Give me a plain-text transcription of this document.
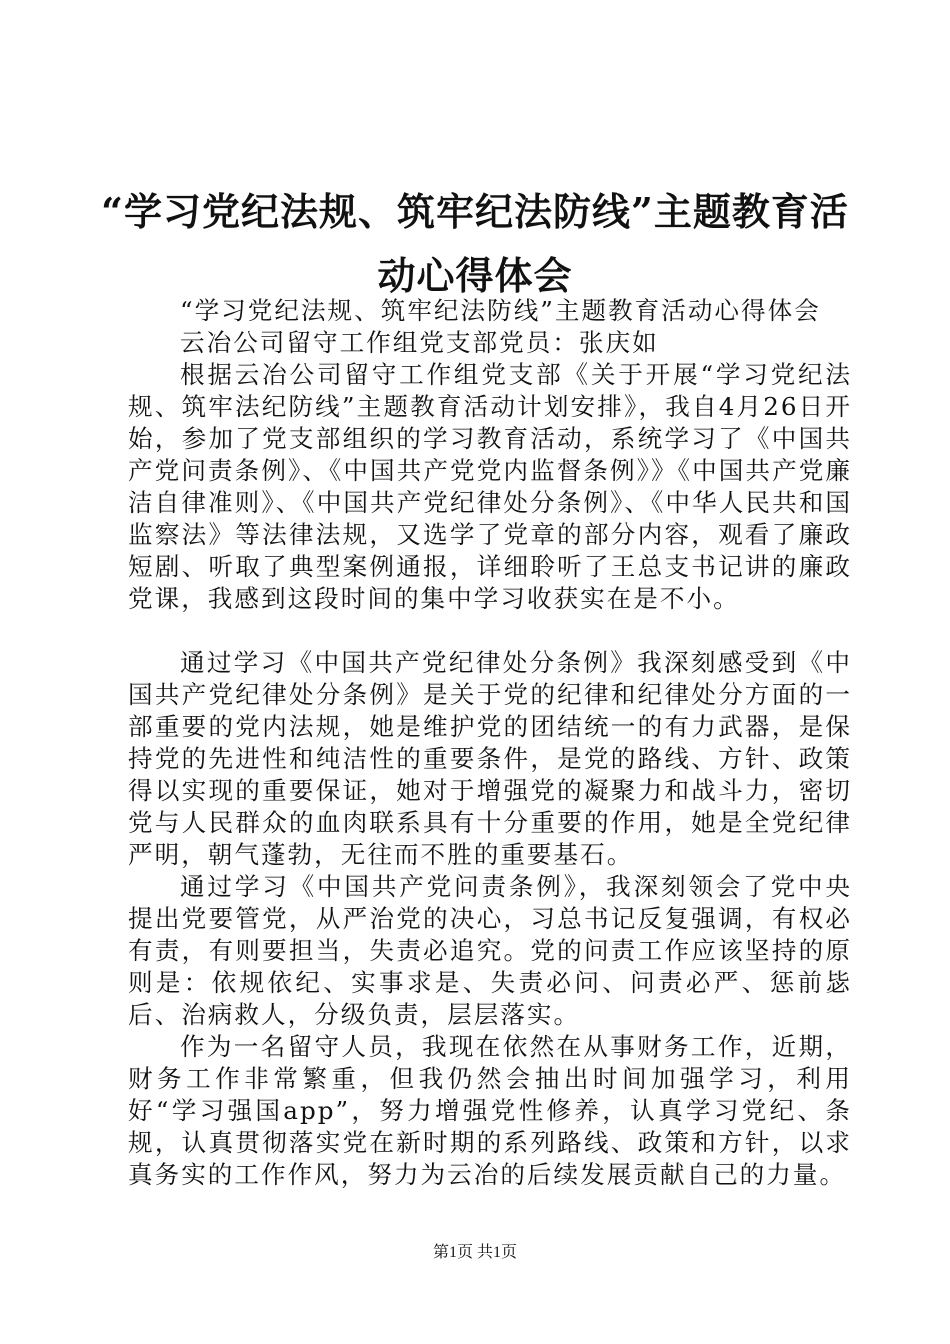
“学习党纪法规、筑牢纪法防线”主题教育活动心得体会

“学习党纪法规、筑牢纪法防线”主题教育活动心得体会

云冶公司留守工作组党支部党员：张庆如

根据云冶公司留守工作组党支部《关于开展“学习党纪法规、筑牢法纪防线”主题教育活动计划安排》，我自4月26日开始，参加了党支部组织的学习教育活动，系统学习了《中国共产党问责条例》、《中国共产党党内监督条例》》《中国共产党廉洁自律准则》、《中国共产党纪律处分条例》、《中华人民共和国监察法》等法律法规，又选学了党章的部分内容，观看了廉政短剧、听取了典型案例通报，详细聆听了王总支书记讲的廉政党课，我感到这段时间的集中学习收获实在是不小。

通过学习《中国共产党纪律处分条例》我深刻感受到《中国共产党纪律处分条例》是关于党的纪律和纪律处分方面的一部重要的党内法规，她是维护党的团结统一的有力武器，是保持党的先进性和纯洁性的重要条件，是党的路线、方针、政策得以实现的重要保证，她对于增强党的凝聚力和战斗力，密切党与人民群众的血肉联系具有十分重要的作用，她是全党纪律严明，朝气蓬勃，无往而不胜的重要基石。

通过学习《中国共产党问责条例》，我深刻领会了党中央提出党要管党，从严治党的决心，习总书记反复强调，有权必有责，有则要担当，失责必追究。党的问责工作应该坚持的原则是：依规依纪、实事求是、失责必问、问责必严、惩前毖后、治病救人，分级负责，层层落实。

作为一名留守人员，我现在依然在从事财务工作，近期，财务工作非常繁重，但我仍然会抽出时间加强学习，利用好“学习强国app”，努力增强党性修养，认真学习党纪、条规，认真贯彻落实党在新时期的系列路线、政策和方针，以求真务实的工作作风，努力为云冶的后续发展贡献自己的力量。

第1页 共1页
